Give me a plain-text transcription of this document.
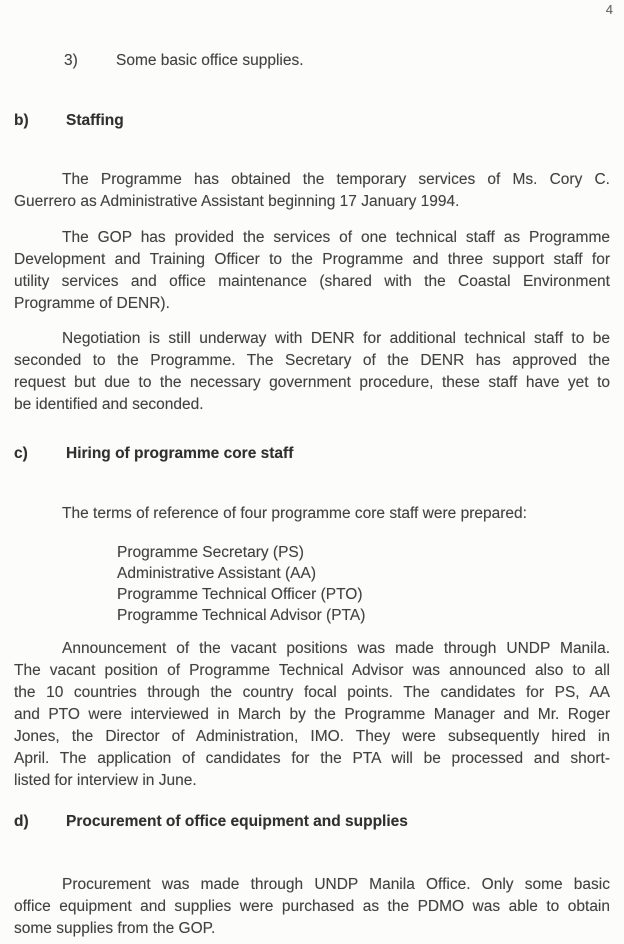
4
3)	Some basic office supplies.
b)	Staffing
The Programme has obtained the temporary services of Ms. Cory C.
Guerrero as Administrative Assistant beginning 17 January 1994.
The GOP has provided the services of one technical staff as Programme
Development and Training Officer to the Programme and three support staff for
utility services and office maintenance (shared with the Coastal Environment
Programme of DENR).
Negotiation is still underway with DENR for additional technical staff to be
seconded to the Programme. The Secretary of the DENR has approved the
request but due to the necessary government procedure, these staff have yet to
be identified and seconded.
c)	Hiring of programme core staff
The terms of reference of four programme core staff were prepared:
Programme Secretary (PS)
Administrative Assistant (AA)
Programme Technical Officer (PTO)
Programme Technical Advisor (PTA)
Announcement of the vacant positions was made through UNDP Manila.
The vacant position of Programme Technical Advisor was announced also to all
the 10 countries through the country focal points. The candidates for PS, AA
and PTO were interviewed in March by the Programme Manager and Mr. Roger
Jones, the Director of Administration, IMO. They were subsequently hired in
April. The application of candidates for the PTA will be processed and short-
listed for interview in June.
d)	Procurement of office equipment and supplies
Procurement was made through UNDP Manila Office. Only some basic
office equipment and supplies were purchased as the PDMO was able to obtain
some supplies from the GOP.
